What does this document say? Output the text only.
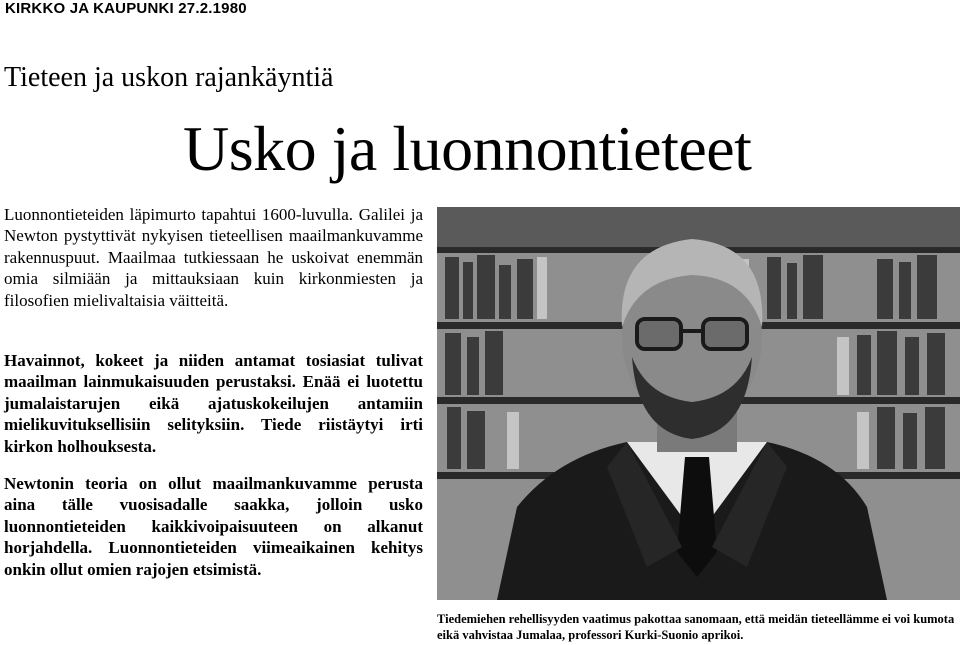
KIRKKO JA KAUPUNKI 27.2.1980
Tieteen ja uskon rajankäyntiä
Usko ja luonnontieteet
Luonnontieteiden läpimurto tapahtui 1600-luvulla. Galilei ja Newton pystyttivät nykyisen tieteellisen maailmankuvamme rakennuspuut. Maailmaa tutkiessaan he uskoivat enemmän omia silmiään ja mittauksiaan kuin kirkonmiesten ja filosofien mielivaltaisia väitteitä.
Havainnot, kokeet ja niiden antamat tosiasiat tulivat maailman lainmukaisuuden perustaksi. Enää ei luotettu jumalaistarujen eikä ajatuskokeilujen antamiin mielikuvituksellisiin selityksiin. Tiede riistäytyi irti kirkon holhouksesta.
Newtonin teoria on ollut maailmankuvamme perusta aina tälle vuosisadalle saakka, jolloin usko luonnontieteiden kaikkivoipaisuuteen on alkanut horjahdella. Luonnontieteiden viimeaikainen kehitys onkin ollut omien rajojen etsimistä.
Tiedemiehen rehellisyyden vaatimus pakottaa sanomaan, että meidän tieteellämme ei voi kumota eikä vahvistaa Jumalaa, professori Kurki-Suonio aprikoi.
